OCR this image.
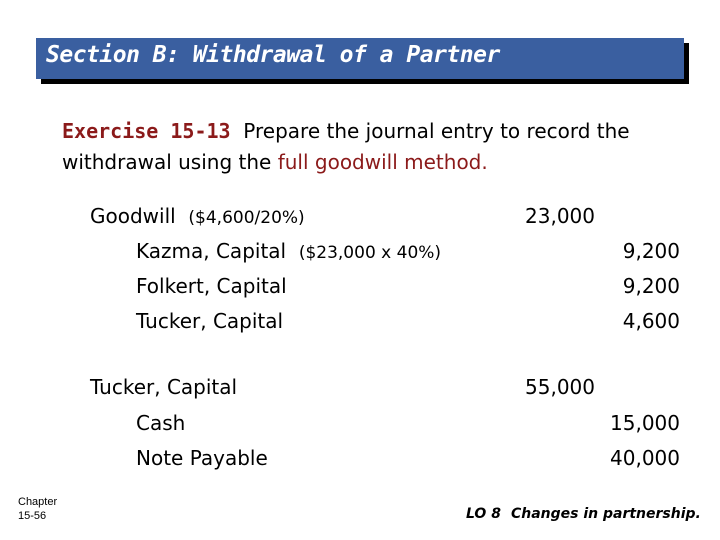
Section B: Withdrawal of a Partner
Exercise 15-13 Prepare the journal entry to record the withdrawal using the full goodwill method.
Goodwill ($4,600/20%)	23,000
Kazma, Capital ($23,000 x 40%)	9,200
Folkert, Capital	9,200
Tucker, Capital	4,600
Tucker, Capital	55,000
Cash	15,000
Note Payable	40,000
Chapter
15-56	LO 8 Changes in partnership.
